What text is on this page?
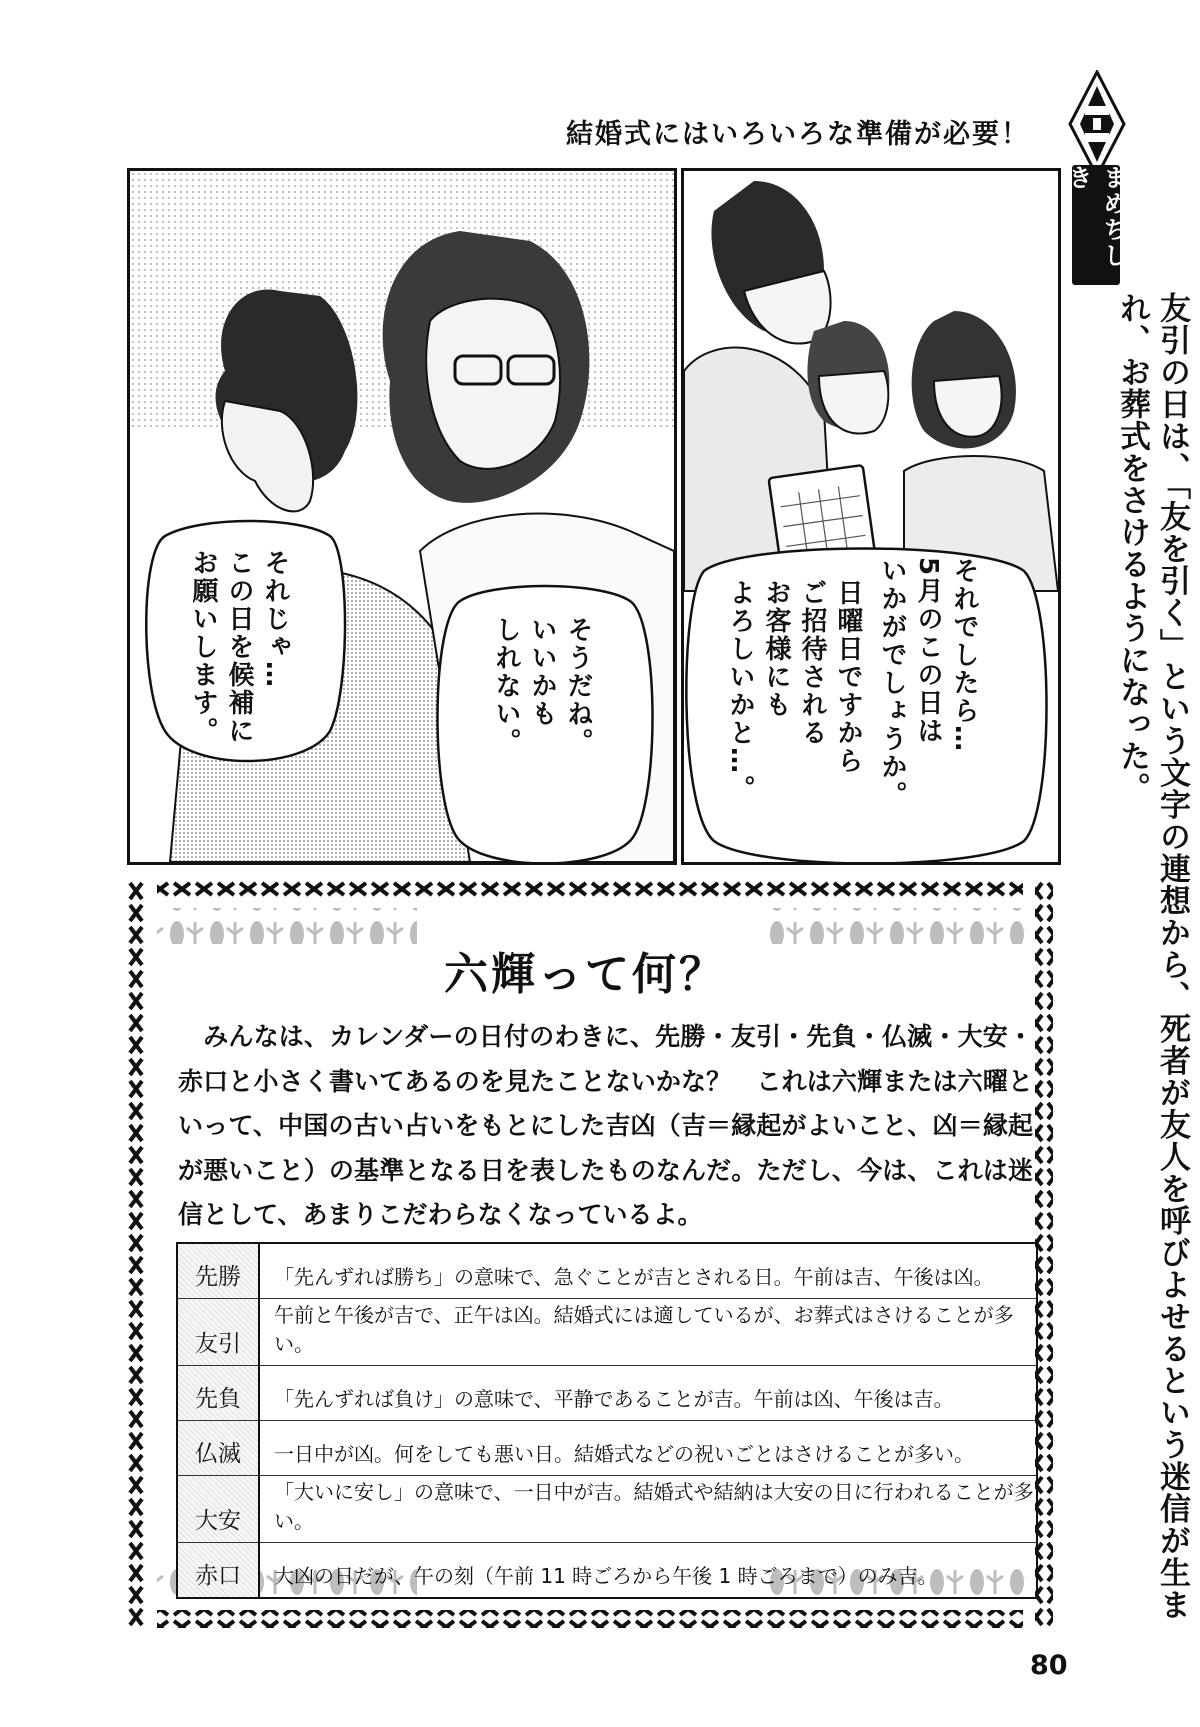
結婚式にはいろいろな準備が必要！
まめちしき
友引の日は、「友を引く」という文字の連想から、死者が友人を呼びよせるという迷信が生まれ、お葬式をさけるようになった。
そうだね。
いいかも
しれない。
それじゃ…
この日を候補に
お願いします。	日曜日ですから
ご招待される
お客様にも
よろしいかと…。	それでしたら…
5月のこの日は
いかがでしょうか。
六輝って何？
　みんなは、カレンダーの日付のわきに、先勝・友引・先負・仏滅・大安・赤口と小さく書いてあるのを見たことないかな？　これは六輝または六曜といって、中国の古い占いをもとにした吉凶（吉＝縁起がよいこと、凶＝縁起が悪いこと）の基準となる日を表したものなんだ。ただし、今は、これは迷信として、あまりこだわらなくなっているよ。
先勝	「先んずれば勝ち」の意味で、急ぐことが吉とされる日。午前は吉、午後は凶。
友引	午前と午後が吉で、正午は凶。結婚式には適しているが、お葬式はさけることが多い。
先負	「先んずれば負け」の意味で、平静であることが吉。午前は凶、午後は吉。
仏滅	一日中が凶。何をしても悪い日。結婚式などの祝いごとはさけることが多い。
大安	「大いに安し」の意味で、一日中が吉。結婚式や結納は大安の日に行われることが多い。
赤口	大凶の日だが、午の刻（午前 11 時ごろから午後 1 時ごろまで）のみ吉。
80
